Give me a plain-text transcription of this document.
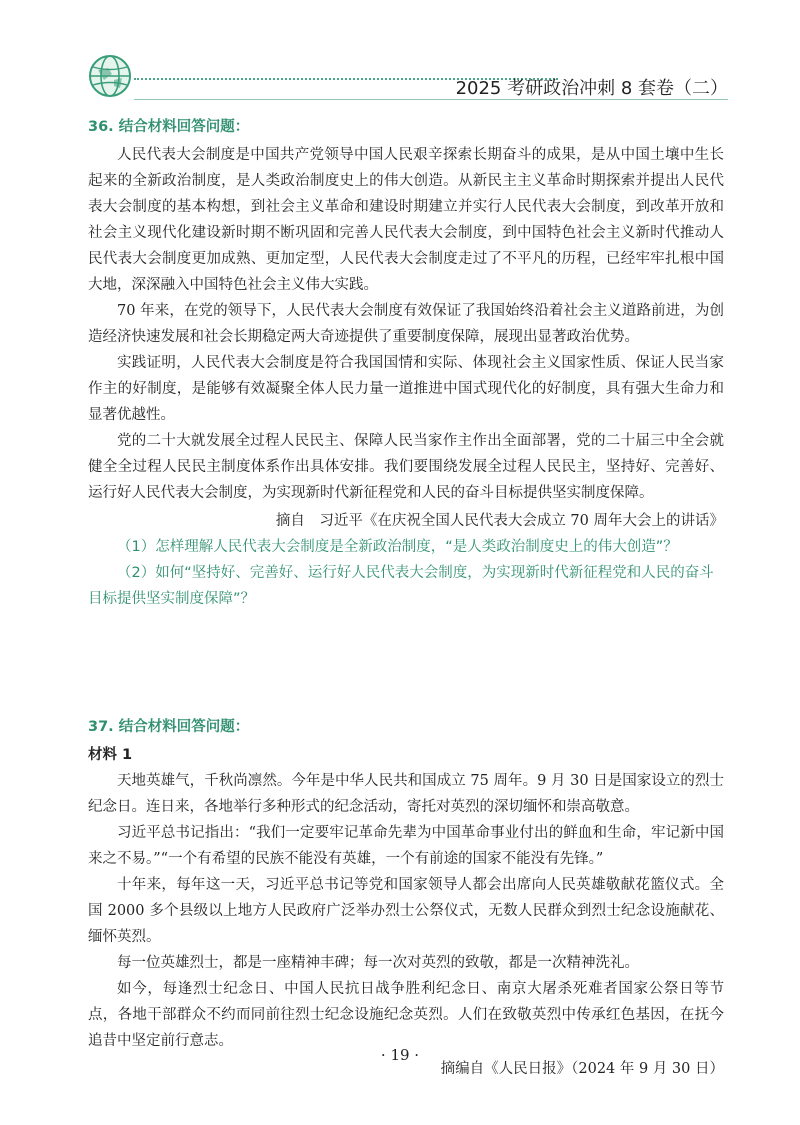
2025 考研政治冲刺 8 套卷（二）

36. 结合材料回答问题：

人民代表大会制度是中国共产党领导中国人民艰辛探索长期奋斗的成果，是从中国土壤中生长起来的全新政治制度，是人类政治制度史上的伟大创造。从新民主主义革命时期探索并提出人民代表大会制度的基本构想，到社会主义革命和建设时期建立并实行人民代表大会制度，到改革开放和社会主义现代化建设新时期不断巩固和完善人民代表大会制度，到中国特色社会主义新时代推动人民代表大会制度更加成熟、更加定型，人民代表大会制度走过了不平凡的历程，已经牢牢扎根中国大地，深深融入中国特色社会主义伟大实践。

70 年来，在党的领导下，人民代表大会制度有效保证了我国始终沿着社会主义道路前进，为创造经济快速发展和社会长期稳定两大奇迹提供了重要制度保障，展现出显著政治优势。

实践证明，人民代表大会制度是符合我国国情和实际、体现社会主义国家性质、保证人民当家作主的好制度，是能够有效凝聚全体人民力量一道推进中国式现代化的好制度，具有强大生命力和显著优越性。

党的二十大就发展全过程人民民主、保障人民当家作主作出全面部署，党的二十届三中全会就健全全过程人民民主制度体系作出具体安排。我们要围绕发展全过程人民民主，坚持好、完善好、运行好人民代表大会制度，为实现新时代新征程党和人民的奋斗目标提供坚实制度保障。

摘自　习近平《在庆祝全国人民代表大会成立 70 周年大会上的讲话》

（1）怎样理解人民代表大会制度是全新政治制度，“是人类政治制度史上的伟大创造”？

（2）如何“坚持好、完善好、运行好人民代表大会制度，为实现新时代新征程党和人民的奋斗目标提供坚实制度保障”？

37. 结合材料回答问题：

材料 1

天地英雄气，千秋尚凛然。今年是中华人民共和国成立 75 周年。9 月 30 日是国家设立的烈士纪念日。连日来，各地举行多种形式的纪念活动，寄托对英烈的深切缅怀和崇高敬意。

习近平总书记指出：“我们一定要牢记革命先辈为中国革命事业付出的鲜血和生命，牢记新中国来之不易。”“一个有希望的民族不能没有英雄，一个有前途的国家不能没有先锋。”

十年来，每年这一天，习近平总书记等党和国家领导人都会出席向人民英雄敬献花篮仪式。全国 2000 多个县级以上地方人民政府广泛举办烈士公祭仪式，无数人民群众到烈士纪念设施献花、缅怀英烈。

每一位英雄烈士，都是一座精神丰碑；每一次对英烈的致敬，都是一次精神洗礼。

如今，每逢烈士纪念日、中国人民抗日战争胜利纪念日、南京大屠杀死难者国家公祭日等节点，各地干部群众不约而同前往烈士纪念设施纪念英烈。人们在致敬英烈中传承红色基因，在抚今追昔中坚定前行意志。

摘编自《人民日报》（2024 年 9 月 30 日）

· 19 ·
